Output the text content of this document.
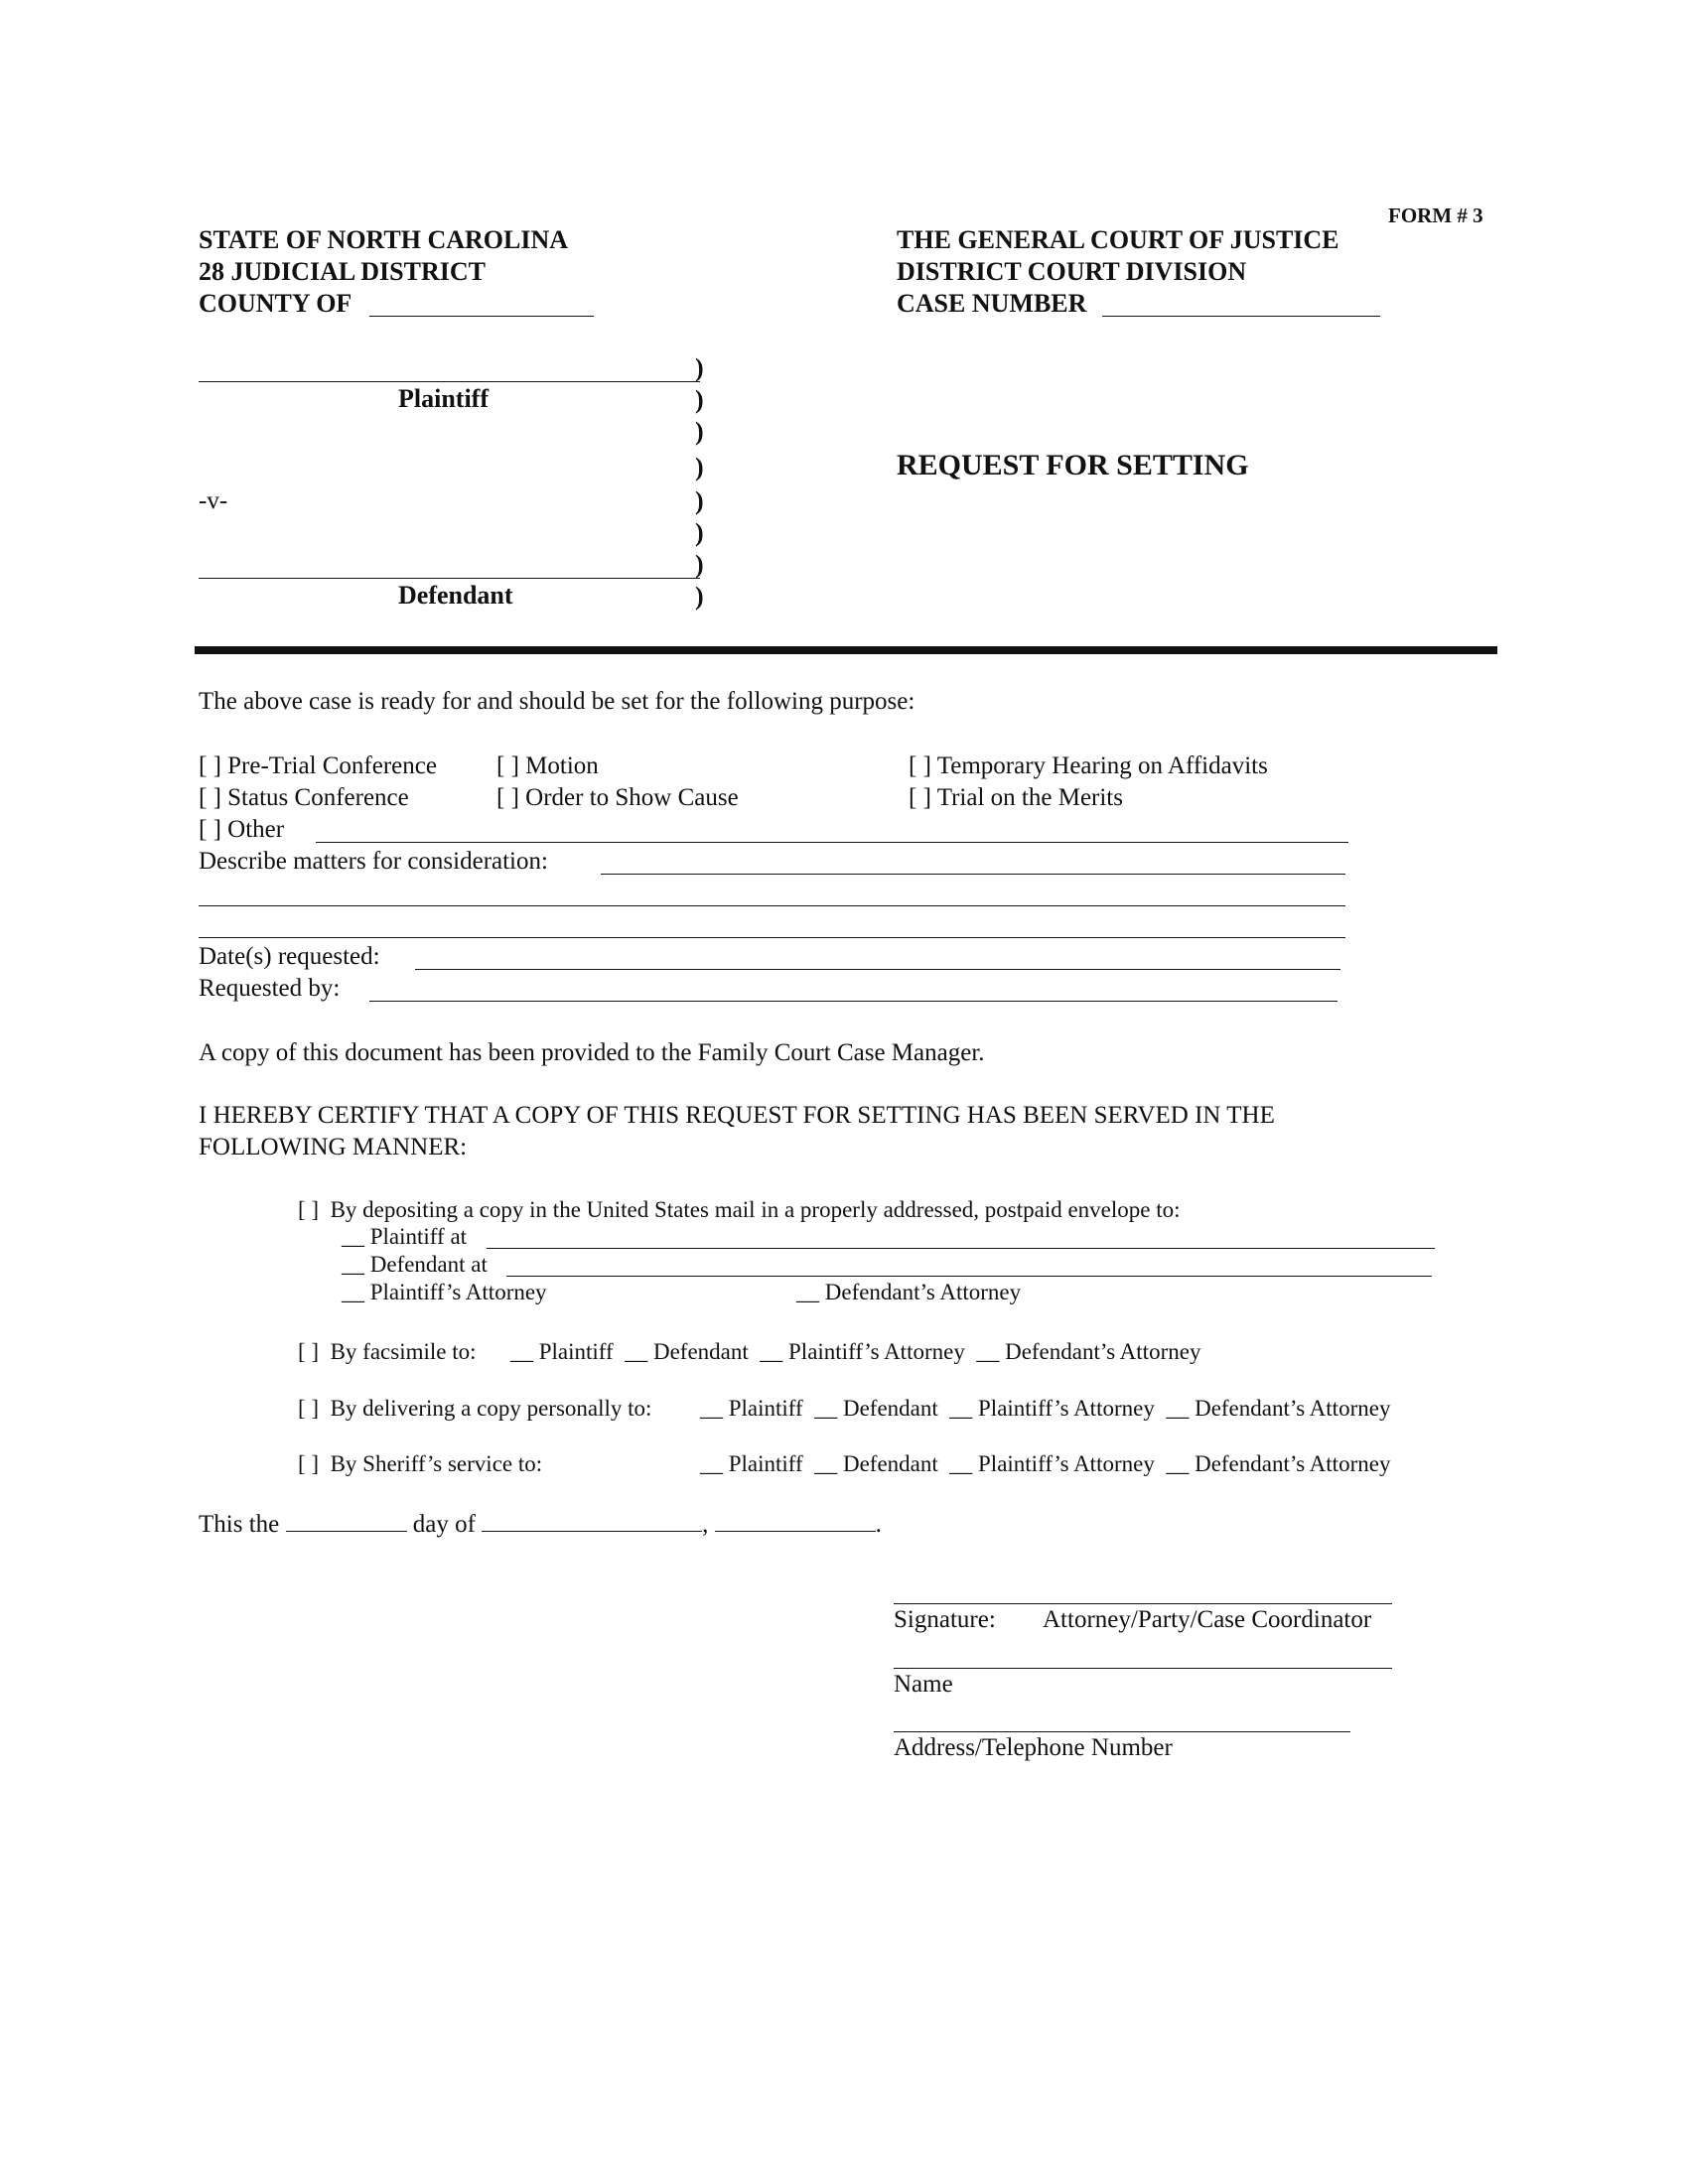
FORM # 3
STATE OF NORTH CAROLINA
28 JUDICIAL DISTRICT
COUNTY OF
THE GENERAL COURT OF JUSTICE
DISTRICT COURT DIVISION
CASE NUMBER
Plaintiff
-v-
Defendant
)
)
)
)
)
)
)
)
REQUEST FOR SETTING
The above case is ready for and should be set for the following purpose:
[ ] Pre-Trial Conference [ ] Motion	[ ] Temporary Hearing on Affidavits
[ ] Status Conference	[ ] Order to Show Cause	[ ] Trial on the Merits
[ ] Other
Describe matters for consideration:
Date(s) requested:
Requested by:
A copy of this document has been provided to the Family Court Case Manager.
I HEREBY CERTIFY THAT A COPY OF THIS REQUEST FOR SETTING HAS BEEN SERVED IN THE
FOLLOWING MANNER:
[ ] By depositing a copy in the United States mail in a properly addressed, postpaid envelope to:
__ Plaintiff at
__ Defendant at
__ Plaintiff’s Attorney	__ Defendant’s Attorney
[ ] By facsimile to: __ Plaintiff __ Defendant __ Plaintiff’s Attorney __ Defendant’s Attorney
[ ] By delivering a copy personally to: __ Plaintiff __ Defendant __ Plaintiff’s Attorney __ Defendant’s Attorney
[ ] By Sheriff’s service to:	__ Plaintiff __ Defendant __ Plaintiff’s Attorney __ Defendant’s Attorney
This the	day of	,	.
Signature: Attorney/Party/Case Coordinator
Name
Address/Telephone Number
